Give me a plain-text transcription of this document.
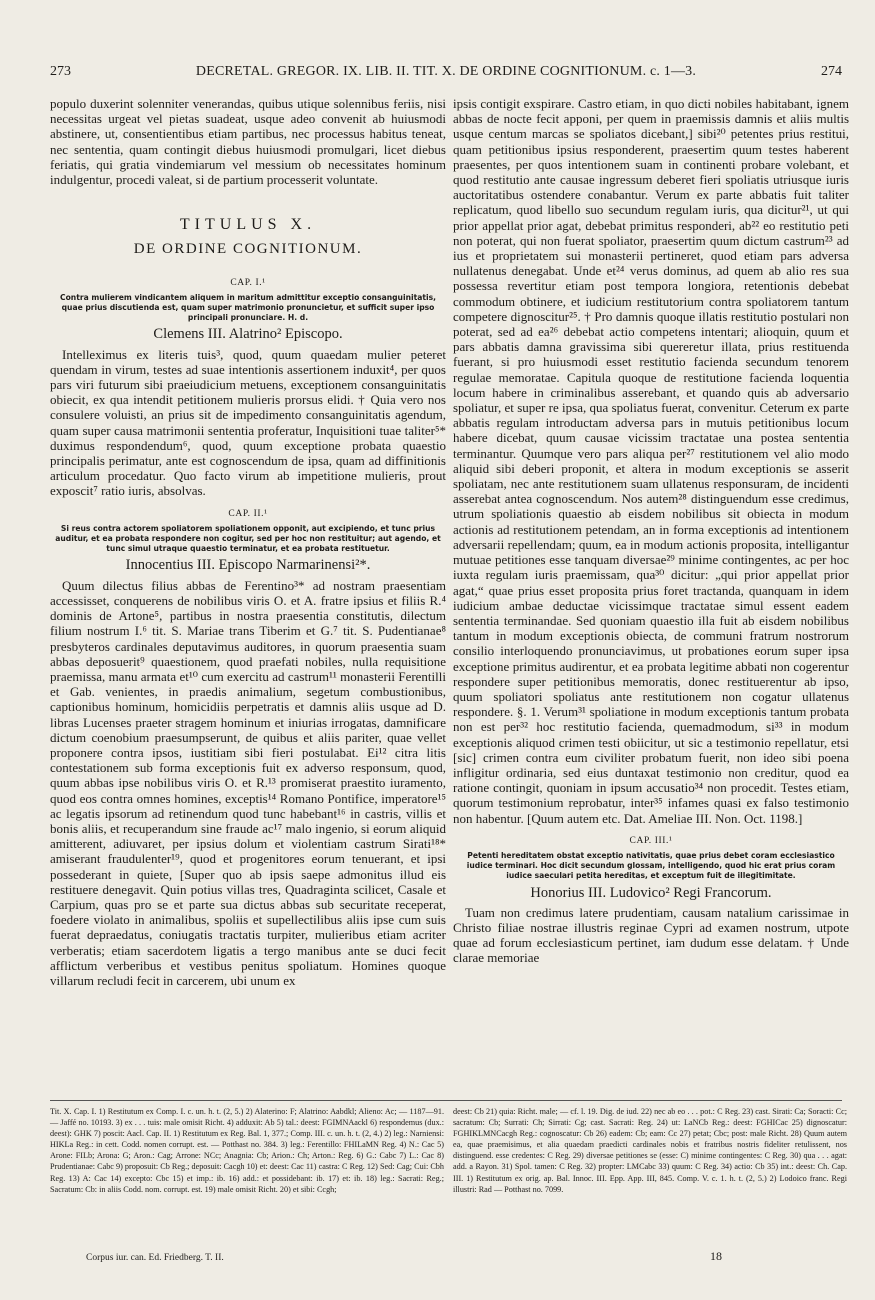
273	DECRETAL. GREGOR. IX. LIB. II. TIT. X. DE ORDINE COGNITIONUM. c. 1—3.	274

populo duxerint solenniter venerandas, quibus utique solennibus feriis, nisi necessitas urgeat vel pietas suadeat, usque adeo convenit ab huiusmodi abstinere, ut, consentientibus etiam partibus, nec processus habitus teneat, nec sententia, quam contingit diebus huiusmodi promulgari, licet diebus feriatis, qui gratia vindemiarum vel messium ob necessitates hominum indulgentur, procedi valeat, si de partium processerit voluntate.

TITULUS X.
DE ORDINE COGNITIONUM.
CAP. I.¹
Contra mulierem vindicantem aliquem in maritum admittitur exceptio consanguinitatis, quae prius discutienda est, quam super matrimonio pronuncietur, et sufficit super ipso principali pronunciare. H. d.
Clemens III. Alatrino² Episcopo.

Intelleximus ex literis tuis³, quod, quum quaedam mulier peteret quendam in virum, testes ad suae intentionis assertionem induxit⁴, per quos pars viri futurum sibi praeiudicium metuens, exceptionem consanguinitatis obiecit, ex qua intendit petitionem mulieris prorsus elidi. † Quia vero nos consulere voluisti, an prius sit de impedimento consanguinitatis agendum, quam super causa matrimonii sententia proferatur, Inquisitioni tuae taliter⁵* duximus respondendum⁶, quod, quum exceptione probata quaestio principalis perimatur, ante est cognoscendum de ipsa, quam ad diffinitionis articulum procedatur. Quo facto virum ab impetitione mulieris, prout exposcit⁷ ratio iuris, absolvas.

CAP. II.¹
Si reus contra actorem spoliatorem spoliationem opponit, aut excipiendo, et tunc prius auditur, et ea probata respondere non cogitur, sed per hoc non restituitur; aut agendo, et tunc simul utraque quaestio terminatur, et ea probata restituetur.
Innocentius III. Episcopo Narmarinensi²*.

Quum dilectus filius abbas de Ferentino³* ad nostram praesentiam accessisset, conquerens de nobilibus viris O. et A. fratre ipsius et filiis R.⁴ dominis de Artone⁵, partibus in nostra praesentia constitutis, dilectum filium nostrum I.⁶ tit. S. Mariae trans Tiberim et G.⁷ tit. S. Pudentianae⁸ presbyteros cardinales deputavimus auditores, in quorum praesentia suam abbas deposuerit⁹ quaestionem, quod praefati nobiles, nulla requisitione praemissa, manu armata et¹⁰ cum exercitu ad castrum¹¹ monasterii Ferentilli et Gab. venientes, in praedis animalium, segetum combustionibus, captionibus hominum, homicidiis perpetratis et damnis aliis usque ad D. libras Lucenses praeter stragem hominum et iniurias irrogatas, damnificare dictum coenobium praesumpserunt, de quibus et aliis pariter, quae vellet proponere contra ipsos, iustitiam sibi fieri postulabat. Ei¹² citra litis contestationem sub forma exceptionis fuit ex adverso responsum, quod, quum abbas ipse nobilibus viris O. et R.¹³ promiserat praestito iuramento, quod eos contra omnes homines, exceptis¹⁴ Romano Pontifice, imperatore¹⁵ ac legatis ipsorum ad retinendum quod tunc habebant¹⁶ in castris, villis et bonis aliis, et recuperandum sine fraude ac¹⁷ malo ingenio, si eorum aliquid amitterent, adiuvaret, per ipsius dolum et violentiam castrum Sirati¹⁸* amiserant fraudulenter¹⁹, quod et progenitores eorum tenuerant, et ipsi possederant in quiete, [Super quo ab ipsis saepe admonitus illud eis restituere denegavit. Quin potius villas tres, Quadraginta scilicet, Casale et Carpium, quas pro se et parte sua dictus abbas sub securitate receperat, foedere violato in animalibus, spoliis et supellectilibus aliis ipse cum suis fuerat depraedatus, coniugatis tractatis turpiter, mulieribus etiam acriter verberatis; etiam sacerdotem ligatis a tergo manibus ante se duci fecit afflictum verberibus et vestibus penitus spoliatum. Homines quoque villarum recludi fecit in carcerem, ubi unum ex

ipsis contigit exspirare. Castro etiam, in quo dicti nobiles habitabant, ignem abbas de nocte fecit apponi, per quem in praemissis damnis et aliis multis usque centum marcas se spoliatos dicebant,] sibi²⁰ petentes prius restitui, quam petitionibus ipsius responderent, praesertim quum testes haberent praesentes, per quos intentionem suam in continenti probare volebant, et quod restitutio ante causae ingressum deberet fieri spoliatis utriusque iuris auctoritatibus ostendere conabantur. Verum ex parte abbatis fuit taliter replicatum, quod libello suo secundum regulam iuris, qua dicitur²¹, ut qui prior appellat prior agat, debebat primitus responderi, ab²² eo restitutio peti non poterat, qui non fuerat spoliator, praesertim quum dictum castrum²³ ad ius et proprietatem sui monasterii pertineret, quod etiam pars adversa nullatenus denegabat. Unde et²⁴ verus dominus, ad quem ab alio res sua possessa revertitur etiam post tempora longiora, retentionis debebat commodum obtinere, et iudicium restitutorium contra spoliatorem tantum competere dignoscitur²⁵. † Pro damnis quoque illatis restitutio postulari non poterat, sed ad ea²⁶ debebat actio competens intentari; alioquin, quum et pars abbatis damna gravissima sibi quereretur illata, prius restituenda fuerant, si pro huiusmodi esset restitutio facienda secundum tenorem regulae memoratae. Capitula quoque de restitutione facienda loquentia locum habere in criminalibus asserebant, et quando quis ab adversario spoliatur, et super re ipsa, qua spoliatus fuerat, convenitur. Ceterum ex parte abbatis regulam introductam adversa pars in mutuis petitionibus locum habere dicebat, quum causae vicissim tractatae una postea sententia terminantur. Quumque vero pars aliqua per²⁷ restitutionem vel alio modo aliquid sibi deberi proponit, et altera in modum exceptionis se asserit spoliatam, nec ante restitutionem suam ullatenus responsuram, de incidenti asserebat antea cognoscendum. Nos autem²⁸ distinguendum esse credimus, utrum spoliationis quaestio ab eisdem nobilibus sit obiecta in modum actionis ad restitutionem petendam, an in forma exceptionis ad intentionem adversarii repellendam; quum, ea in modum actionis proposita, intelligantur mutuae petitiones esse tanquam diversae²⁹ minime contingentes, ac per hoc iuxta regulam iuris praemissam, qua³⁰ dicitur: „qui prior appellat prior agat,“ quae prius esset proposita prius foret tractanda, quanquam in idem iudicium ambae deductae vicissimque tractatae simul essent eadem sententia terminandae. Sed quoniam quaestio illa fuit ab eisdem nobilibus tantum in modum exceptionis obiecta, de communi fratrum nostrorum consilio interloquendo pronunciavimus, ut probationes eorum super ipsa exceptione primitus audirentur, et ea probata legitime abbati non cogerentur respondere super petitionibus memoratis, donec restituerentur ab ipso, quum spoliatori spoliatus ante restitutionem non cogatur ullatenus respondere. §. 1. Verum³¹ spoliatione in modum exceptionis tantum probata non est per³² hoc restitutio facienda, quemadmodum, si³³ in modum exceptionis aliquod crimen testi obiicitur, ut sic a testimonio repellatur, etsi [sic] crimen contra eum civiliter probatum fuerit, non ideo sibi poena infligitur ordinaria, sed eius duntaxat testimonio non creditur, quod ea ratione contingit, quoniam in ipsum accusatio³⁴ non procedit. Testes etiam, quorum testimonium reprobatur, inter³⁵ infames quasi ex falso testimonio non habentur. [Quum autem etc. Dat. Ameliae III. Non. Oct. 1198.]

CAP. III.¹
Petenti hereditatem obstat exceptio nativitatis, quae prius debet coram ecclesiastico iudice terminari. Hoc dicit secundum glossam, intelligendo, quod hic erat prius coram iudice saeculari petita hereditas, et exceptum fuit de illegitimitate.
Honorius III. Ludovico² Regi Francorum.

Tuam non credimus latere prudentiam, causam natalium carissimae in Christo filiae nostrae illustris reginae Cypri ad examen nostrum, utpote quae ad forum ecclesiasticum pertinet, iam dudum esse delatam. † Unde clarae memoriae

Tit. X. Cap. I. 1) Restitutum ex Comp. I. c. un. h. t. (2, 5.) 2) Alaterino: F; Alatrino: Aabdkl; Alieno: Ac; — 1187—91. — Jaffé no. 10193. 3) ex . . . tuis: male omisit Richt. 4) adduxit: Ab 5) tal.: deest: FGIMNAackl 6) respondemus (dux.: deest): GHK 7) poscit: Aacl. Cap. II. 1) Restitutum ex Reg. Bal. 1, 377.; Comp. III. c. un. h. t. (2, 4.) 2) leg.: Narniensi: HIKLa Reg.: in cett. Codd. nomen corrupt. est. — Potthast no. 384. 3) leg.: Ferentillo: FHILaMN Reg. 4) N.: Cac 5) Arone: FILb; Arona: G; Aron.: Cag; Arrone: NCc; Anagnia: Cb; Arion.: Ch; Arton.: Reg. 6) G.: Cabc 7) L.: Cac 8) Prudentianae: Cabc 9) proposuit: Cb Reg.; deposuit: Cacgh 10) et: deest: Cac 11) castra: C Reg. 12) Sed: Cag; Cui: Cbh Reg. 13) A: Cac 14) excepto: Cbc 15) et imp.: ib. 16) add.: et possidebant: ib. 17) et: ib. 18) leg.: Sacrati: Reg.; Sacratum: Cb: in aliis Codd. nom. corrupt. est. 19) male omisit Richt. 20) et sibi: Ccgh;
deest: Cb 21) quia: Richt. male; — cf. l. 19. Dig. de iud. 22) nec ab eo . . . pot.: C Reg. 23) cast. Sirati: Ca; Soracti: Cc; sacratum: Cb; Surrati: Ch; Sirrati: Cg; cast. Sacrati: Reg. 24) ut: LaNCb Reg.: deest: FGHICac 25) dignoscatur: FGHIKLMNCacgh Reg.: cognoscatur: Cb 26) eadem: Cb; eam: Cc 27) petat; Cbc; post: male Richt. 28) Quum autem ea, quae praemisimus, et alia quaedam praedicti cardinales nobis et fratribus nostris fideliter retulissent, nos distinguend. esse credentes: C Reg. 29) diversae petitiones se (esse: C) minime contingentes: C Reg. 30) qua . . . agat: add. a Rayon. 31) Spol. tamen: C Reg. 32) propter: LMCabc 33) quum: C Reg. 34) actio: Cb 35) int.: deest: Ch. Cap. III. 1) Restitutum ex orig. ap. Bal. Innoc. III. Epp. App. III, 845. Comp. V. c. 1. h. t. (2, 5.) 2) Lodoico franc. Regi illustri: Rad — Potthast no. 7099.
Corpus iur. can. Ed. Friedberg. T. II.	18
